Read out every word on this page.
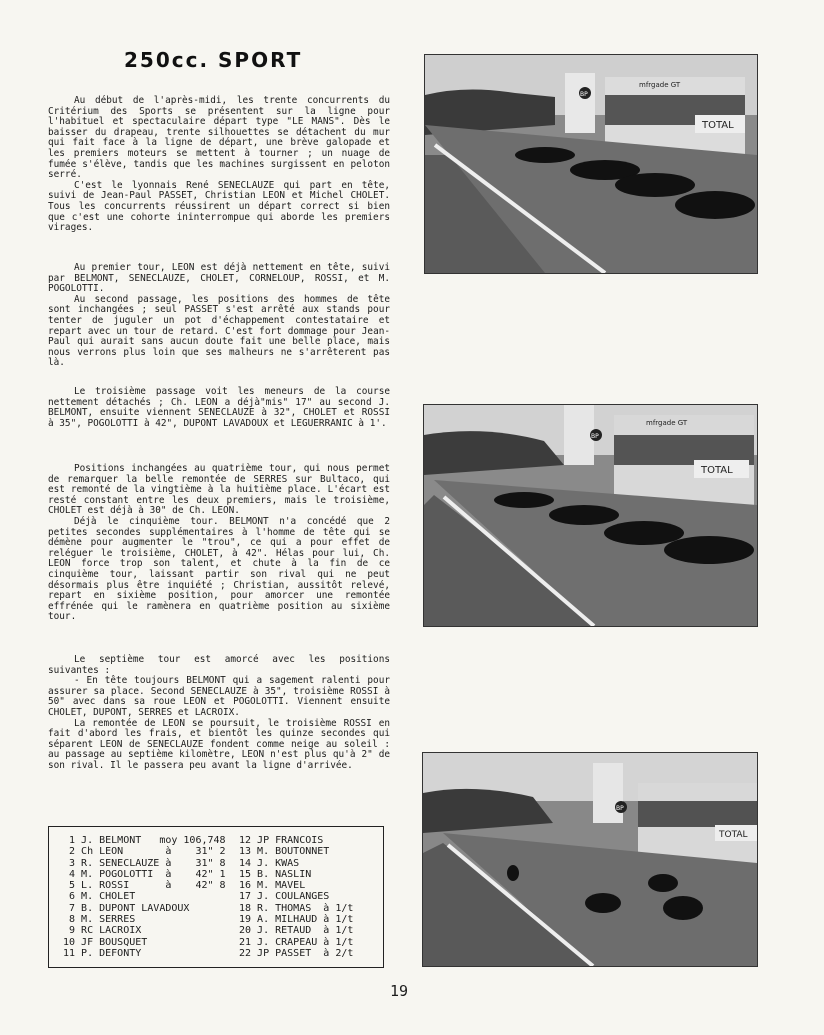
250cc. SPORT

Au début de l'après-midi, les trente concurrents du Critérium des Sports se présentent sur la ligne pour l'habituel et spectaculaire départ type "LE MANS". Dès le baisser du drapeau, trente silhouettes se détachent du mur qui fait face à la ligne de départ, une brève galopade et les premiers moteurs se mettent à tourner ; un nuage de fumée s'élève, tandis que les machines surgissent en peloton serré.

C'est le lyonnais René SENECLAUZE qui part en tête, suivi de Jean-Paul PASSET, Christian LEON et Michel CHOLET. Tous les concurrents réussirent un départ correct si bien que c'est une cohorte ininterrompue qui aborde les premiers virages.

Au premier tour, LEON est déjà nettement en tête, suivi par BELMONT, SENECLAUZE, CHOLET, CORNELOUP, ROSSI, et M. POGOLOTTI.

Au second passage, les positions des hommes de tête sont inchangées ; seul PASSET s'est arrêté aux stands pour tenter de juguler un pot d'échappement contestataire et repart avec un tour de retard. C'est fort dommage pour Jean-Paul qui aurait sans aucun doute fait une belle place, mais nous verrons plus loin que ses malheurs ne s'arrêterent pas là.

Le troisième passage voit les meneurs de la course nettement détachés ; Ch. LEON a déjà"mis" 17" au second J. BELMONT, ensuite viennent SENECLAUZE à 32", CHOLET et ROSSI à 35", POGOLOTTI à 42", DUPONT LAVADOUX et LEGUERRANIC à 1'.

Positions inchangées au quatrième tour, qui nous permet de remarquer la belle remontée de SERRES sur Bultaco, qui est remonté de la vingtième à la huitième place. L'écart est resté constant entre les deux premiers, mais le troisième, CHOLET est déjà à 30" de Ch. LEON.

Déjà le cinquième tour. BELMONT n'a concédé que 2 petites secondes supplémentaires à l'homme de tête qui se démène pour augmenter le "trou", ce qui a pour effet de reléguer le troisième, CHOLET, à 42". Hélas pour lui, Ch. LEON force trop son talent, et chute à la fin de ce cinquième tour, laissant partir son rival qui ne peut désormais plus être inquiété ; Christian, aussitôt relevé, repart en sixième position, pour amorcer une remontée effrénée qui le ramènera en quatrième position au sixième tour.

Le septième tour est amorcé avec les positions suivantes :

- En tête toujours BELMONT qui a sagement ralenti pour assurer sa place. Second SENECLAUZE à 35", troisième ROSSI à 50" avec dans sa roue LEON et POGOLOTTI. Viennent ensuite CHOLET, DUPONT, SERRES et LACROIX.

La remontée de LEON se poursuit, le troisième ROSSI en fait d'abord les frais, et bientôt les quinze secondes qui séparent LEON de SENECLAUZE fondent comme neige au soleil : au passage au septième kilomètre, LEON n'est plus qu'à 2" de son rival. Il le passera peu avant la ligne d'arrivée.

TOTAL
BP
mfrgade GT
TOTAL
BP
mfrgade GT
TOTAL
BP
1 J. BELMONT   moy 106,748
2 Ch LEON       à    31" 2
3 R. SENECLAUZE à    31" 8
4 M. POGOLOTTI  à    42" 1
5 L. ROSSI      à    42" 8
6 M. CHOLET
7 B. DUPONT LAVADOUX
8 M. SERRES
9 RC LACROIX
10 JF BOUSQUET
11 P. DEFONTY
12 JP FRANCOIS
13 M. BOUTONNET
14 J. KWAS
15 B. NASLIN
16 M. MAVEL
17 J. COULANGES
18 R. THOMAS  à 1/t
19 A. MILHAUD à 1/t
20 J. RETAUD  à 1/t
21 J. CRAPEAU à 1/t
22 JP PASSET  à 2/t
19
